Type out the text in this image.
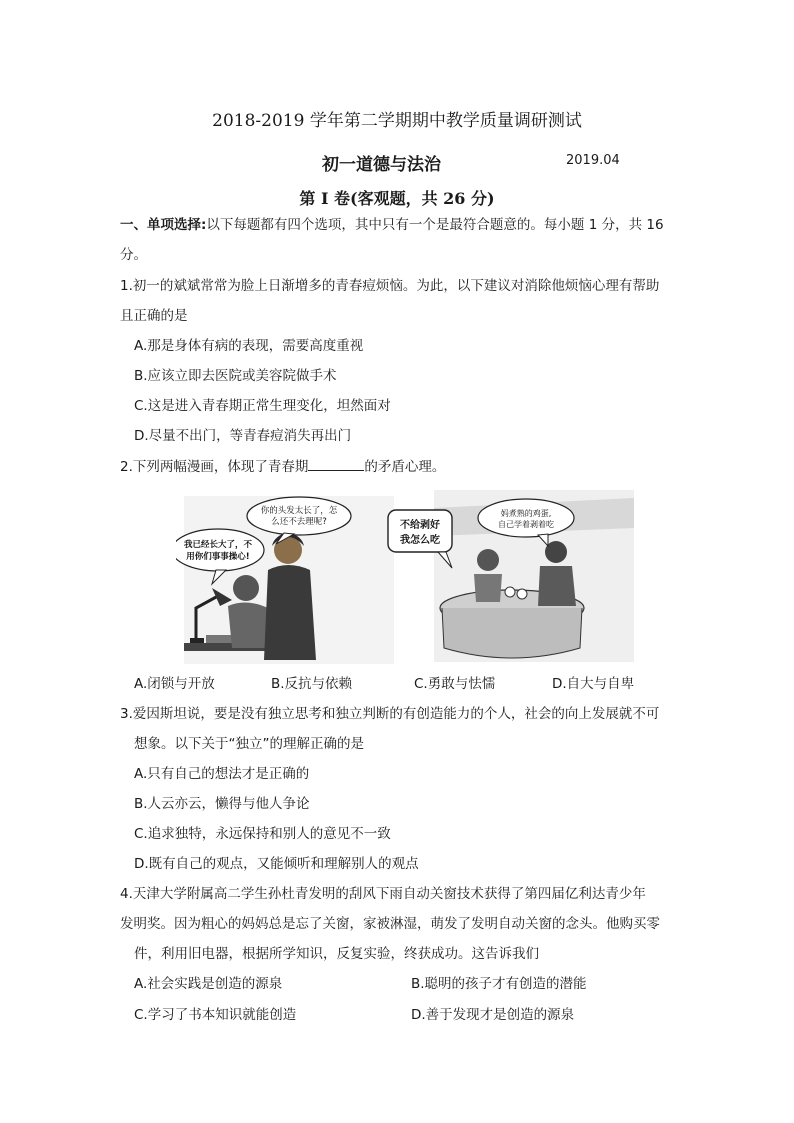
2018-2019 学年第二学期期中教学质量调研测试
初一道德与法治	2019.04
第 Ⅰ 卷(客观题，共 26 分)
一、单项选择:以下每题都有四个选项，其中只有一个是最符合题意的。每小题 1 分，共 16
分。
1.初一的斌斌常常为脸上日渐增多的青春痘烦恼。为此，以下建议对消除他烦恼心理有帮助
且正确的是
A.那是身体有病的表现，需要高度重视
B.应该立即去医院或美容院做手术
C.这是进入青春期正常生理变化，坦然面对
D.尽量不出门，等青春痘消失再出门
2.下列两幅漫画，体现了青春期	的矛盾心理。
你的头发太长了，怎
么还不去理呢?
我已经长大了，不
用你们事事操心!
不给剥好
我怎么吃
妈煮熟的鸡蛋,
自己学着剥着吃
A.闭锁与开放	B.反抗与依赖	C.勇敢与怯懦	D.自大与自卑
3.爱因斯坦说，要是没有独立思考和独立判断的有创造能力的个人，社会的向上发展就不可
想象。以下关于“独立”的理解正确的是
A.只有自己的想法才是正确的
B.人云亦云，懒得与他人争论
C.追求独特，永远保持和别人的意见不一致
D.既有自己的观点，又能倾听和理解别人的观点
4.天津大学附属高二学生孙杜青发明的刮风下雨自动关窗技术获得了第四届亿利达青少年
发明奖。因为粗心的妈妈总是忘了关窗，家被淋湿，萌发了发明自动关窗的念头。他购买零
件，利用旧电器，根据所学知识，反复实验，终获成功。这告诉我们
A.社会实践是创造的源泉	B.聪明的孩子才有创造的潜能
C.学习了书本知识就能创造	D.善于发现才是创造的源泉
